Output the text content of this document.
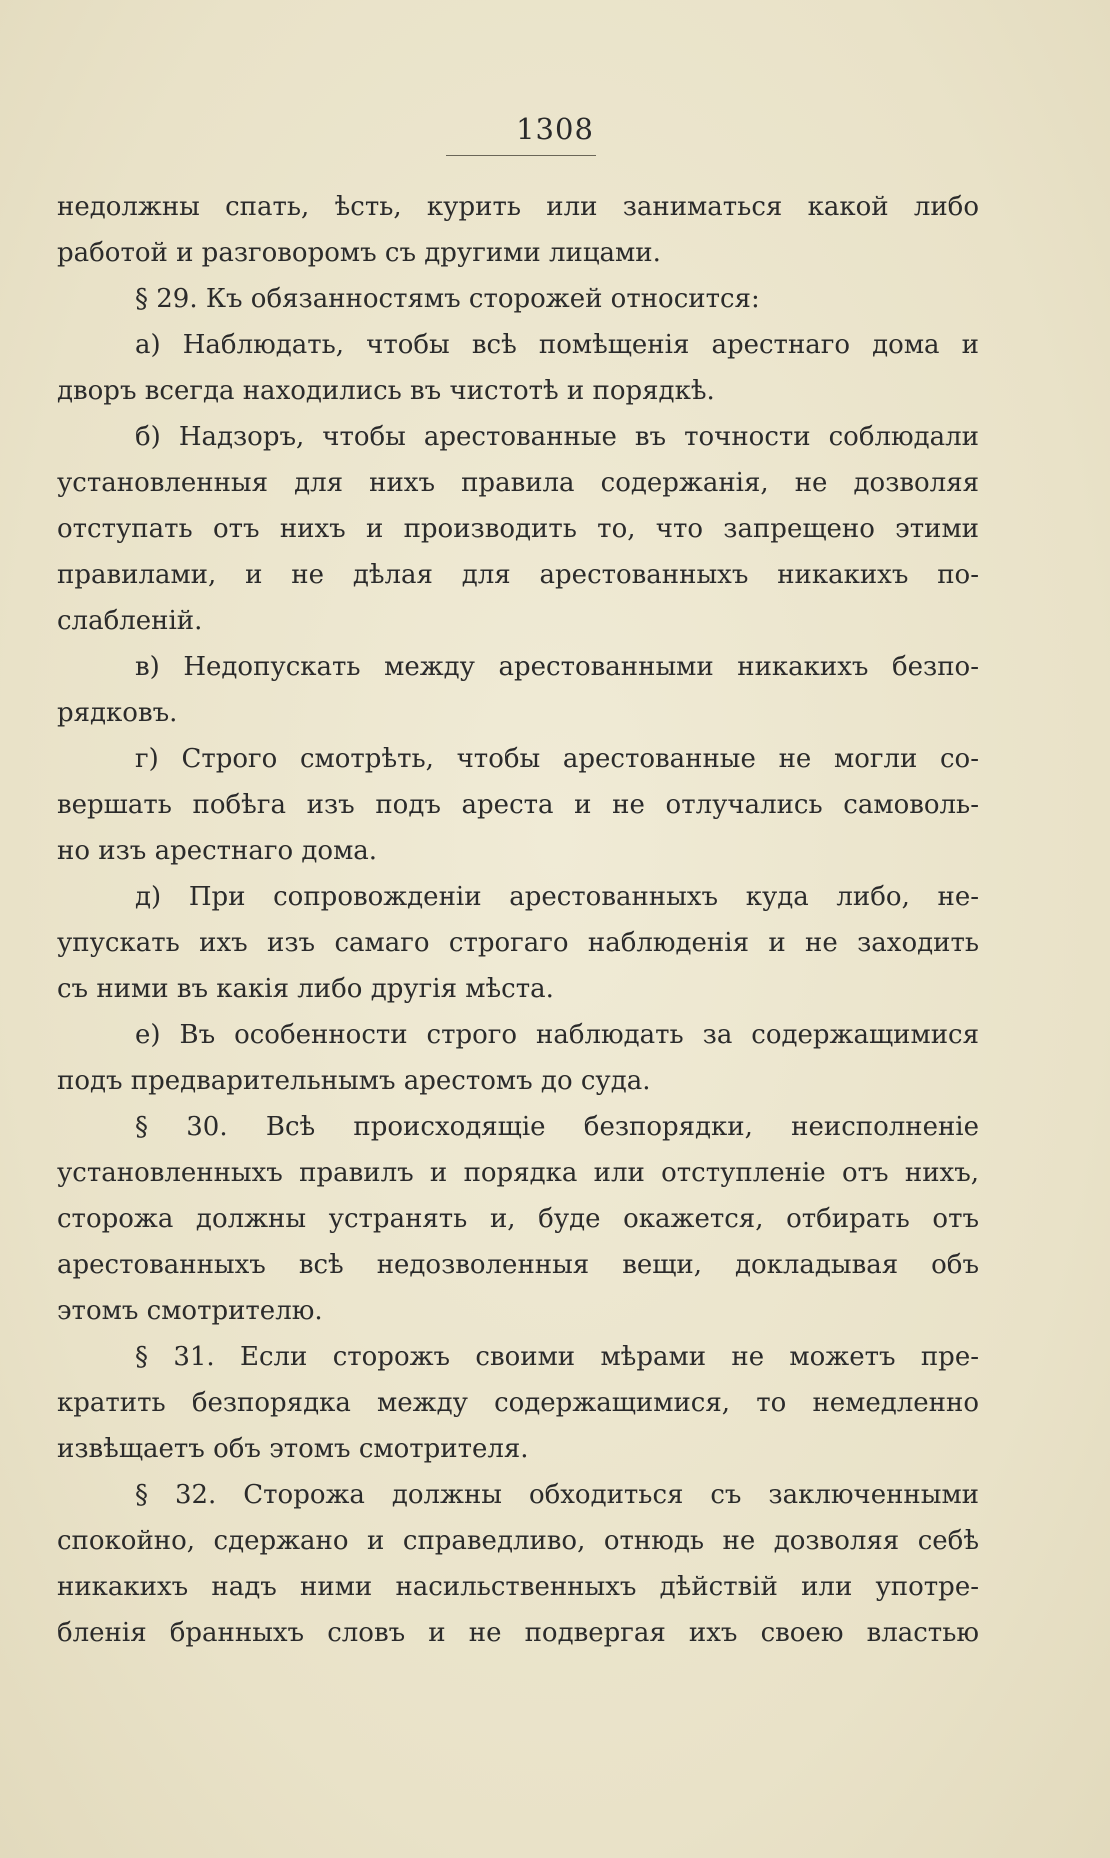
1308
недолжны спать, ѣсть, курить или заниматься какой либо
работой и разговоромъ съ другими лицами.
§ 29. Къ обязанностямъ сторожей относится:
а) Наблюдать, чтобы всѣ помѣщенія арестнаго дома и
дворъ всегда находились въ чистотѣ и порядкѣ.
б) Надзоръ, чтобы арестованные въ точности соблюдали
установленныя для нихъ правила содержанія, не дозволяя
отступать отъ нихъ и производить то, что запрещено этими
правилами, и не дѣлая для арестованныхъ никакихъ по-
слабленій.
в) Недопускать между арестованными никакихъ безпо-
рядковъ.
г) Строго смотрѣть, чтобы арестованные не могли со-
вершать побѣга изъ подъ ареста и не отлучались самоволь-
но изъ арестнаго дома.
д) При сопровожденіи арестованныхъ куда либо, не-
упускать ихъ изъ самаго строгаго наблюденія и не заходить
съ ними въ какія либо другія мѣста.
е) Въ особенности строго наблюдать за содержащимися
подъ предварительнымъ арестомъ до суда.
§ 30. Всѣ происходящіе безпорядки, неисполненіе
установленныхъ правилъ и порядка или отступленіе отъ нихъ,
сторожа должны устранять и, буде окажется, отбирать отъ
арестованныхъ всѣ недозволенныя вещи, докладывая объ
этомъ смотрителю.
§ 31. Если сторожъ своими мѣрами не можетъ пре-
кратить безпорядка между содержащимися, то немедленно
извѣщаетъ объ этомъ смотрителя.
§ 32. Сторожа должны обходиться съ заключенными
спокойно, сдержано и справедливо, отнюдь не дозволяя себѣ
никакихъ надъ ними насильственныхъ дѣйствій или употре-
бленія бранныхъ словъ и не подвергая ихъ своею властью
